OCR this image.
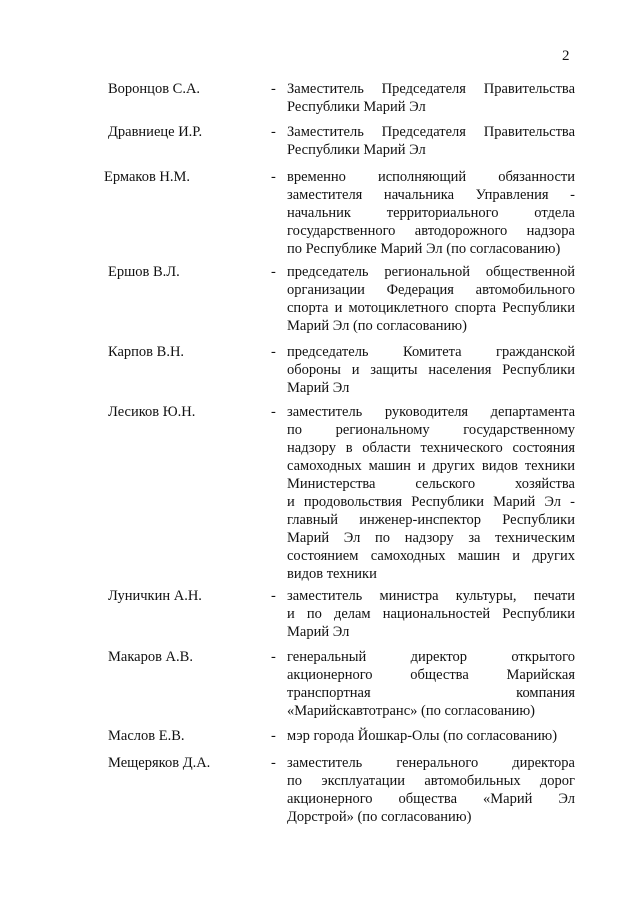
2
Воронцов С.А.	- Заместитель Председателя Правительства
Республики Марий Эл
Дравниеце И.Р.	- Заместитель Председателя Правительства
Республики Марий Эл
Ермаков Н.М.	- временно исполняющий обязанности
заместителя начальника Управления -
начальник территориального отдела
государственного автодорожного надзора
по Республике Марий Эл (по согласованию)
Ершов В.Л.	- председатель региональной общественной
организации Федерация автомобильного
спорта и мотоциклетного спорта Республики
Марий Эл (по согласованию)
Карпов В.Н.	- председатель Комитета гражданской
обороны и защиты населения Республики
Марий Эл
Лесиков Ю.Н.	- заместитель руководителя департамента
по региональному государственному
надзору в области технического состояния
самоходных машин и других видов техники
Министерства сельского хозяйства
и продовольствия Республики Марий Эл -
главный инженер-инспектор Республики
Марий Эл по надзору за техническим
состоянием самоходных машин и других
видов техники
Луничкин А.Н.	- заместитель министра культуры, печати
и по делам национальностей Республики
Марий Эл
Макаров А.В.	- генеральный директор открытого
акционерного общества Марийская
транспортная компания
«Марийскавтотранс» (по согласованию)
Маслов Е.В.	- мэр города Йошкар-Олы (по согласованию)
Мещеряков Д.А.	- заместитель генерального директора
по эксплуатации автомобильных дорог
акционерного общества «Марий Эл
Дорстрой» (по согласованию)
